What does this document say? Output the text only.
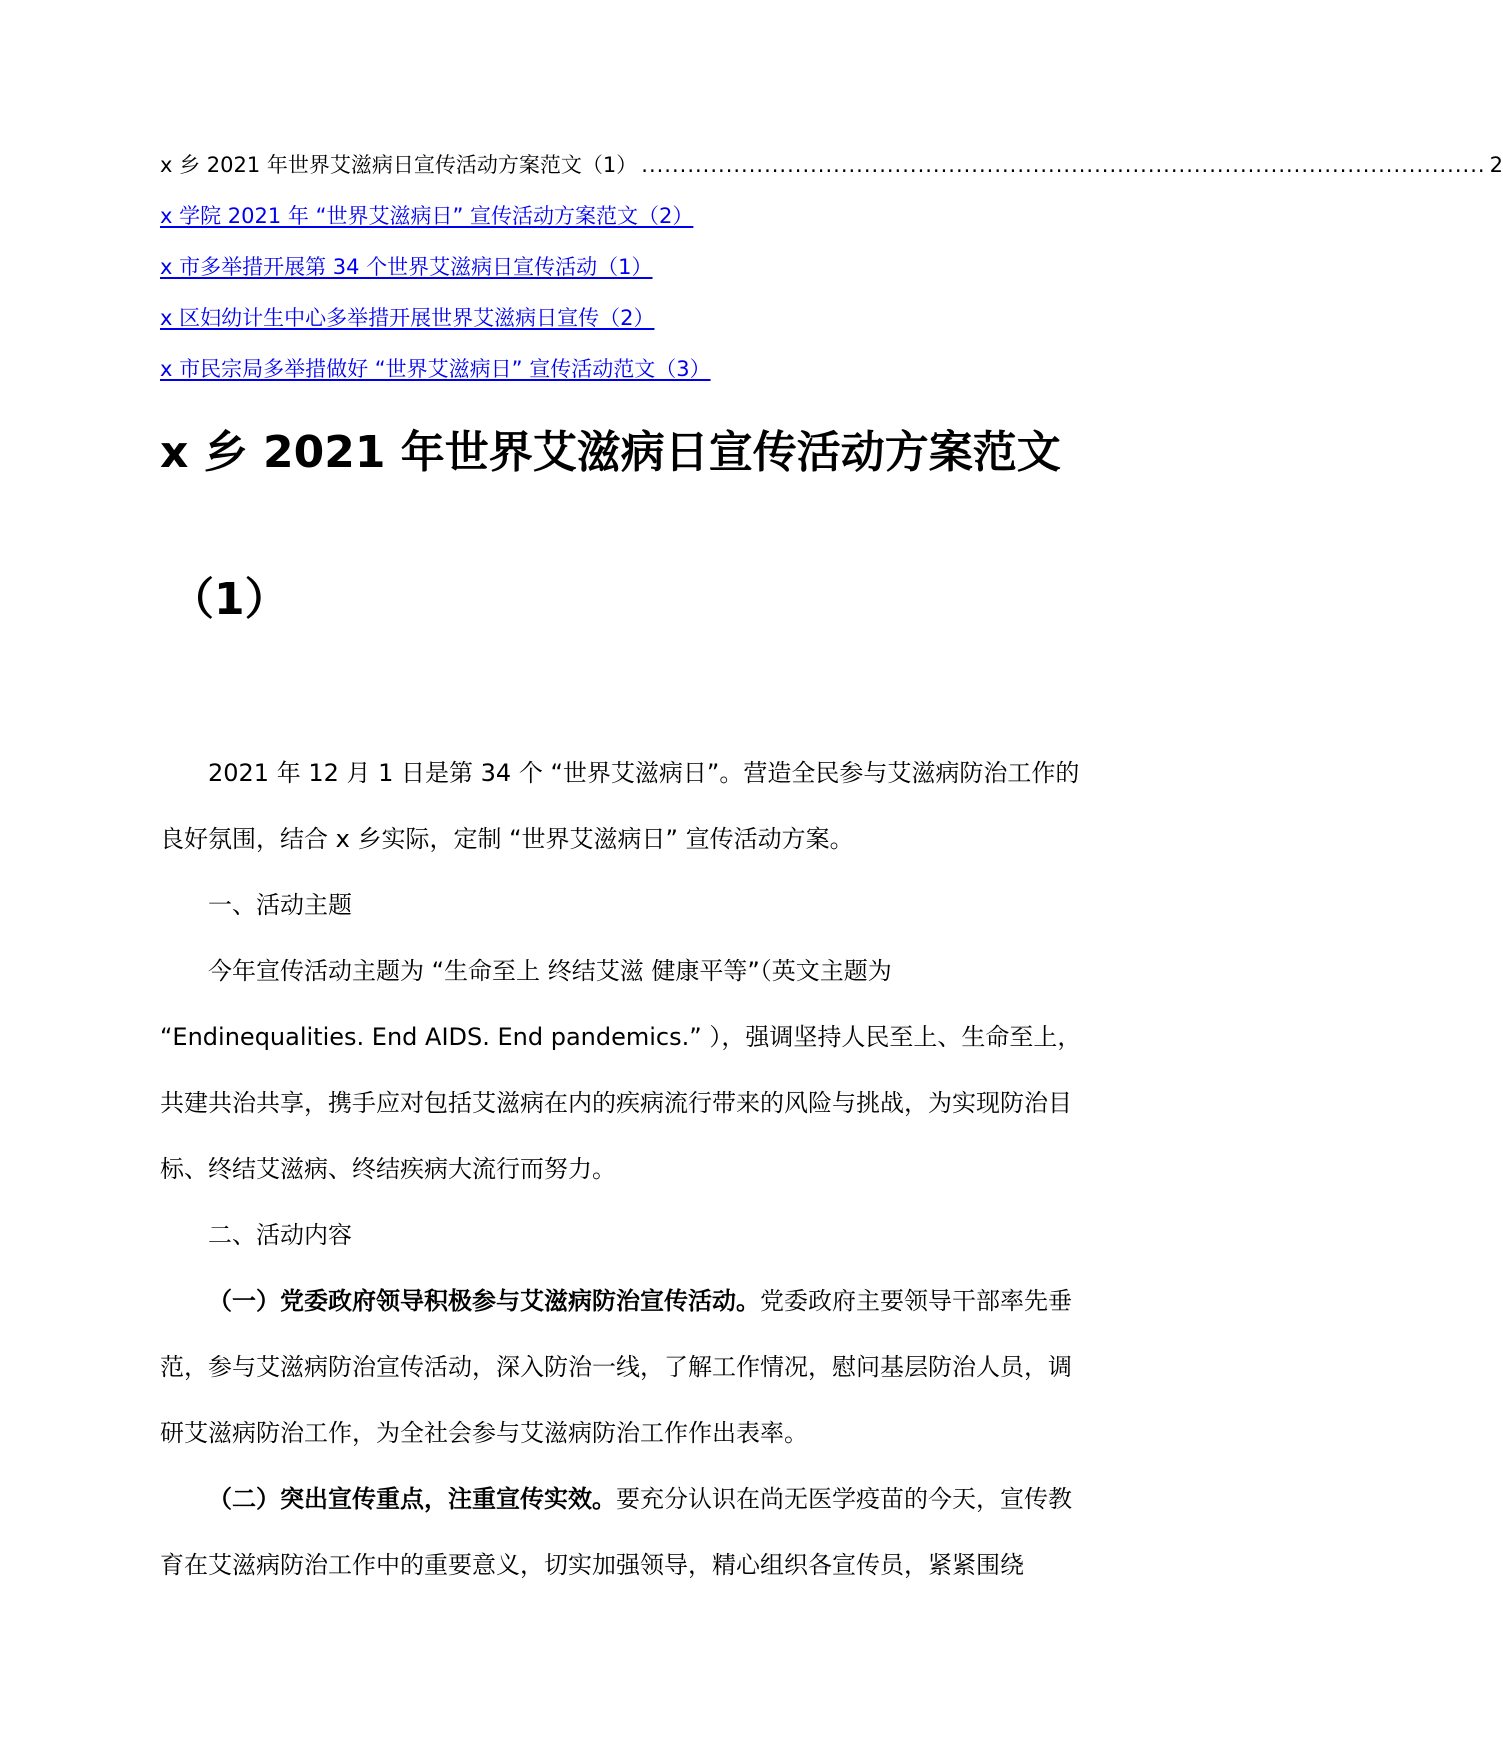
x 乡 2021 年世界艾滋病日宣传活动方案范文（1） .............................................................................................................. 2
x 学院 2021 年 “世界艾滋病日” 宣传活动方案范文（2）
x 市多举措开展第 34 个世界艾滋病日宣传活动（1）
x 区妇幼计生中心多举措开展世界艾滋病日宣传（2）
x 市民宗局多举措做好 “世界艾滋病日” 宣传活动范文（3）
x 乡 2021 年世界艾滋病日宣传活动方案范文
（1）

2021 年 12 月 1 日是第 34 个 “世界艾滋病日”。营造全民参与艾滋病防治工作的良好氛围，结合 x 乡实际，定制 “世界艾滋病日” 宣传活动方案。

一、活动主题

今年宣传活动主题为 “生命至上 终结艾滋 健康平等”（英文主题为

“Endinequalities. End AIDS. End pandemics.” ），强调坚持人民至上、生命至上，共建共治共享，携手应对包括艾滋病在内的疾病流行带来的风险与挑战，为实现防治目标、终结艾滋病、终结疾病大流行而努力。

二、活动内容

（一）党委政府领导积极参与艾滋病防治宣传活动。党委政府主要领导干部率先垂范，参与艾滋病防治宣传活动，深入防治一线，了解工作情况，慰问基层防治人员，调研艾滋病防治工作，为全社会参与艾滋病防治工作作出表率。

（二）突出宣传重点，注重宣传实效。要充分认识在尚无医学疫苗的今天，宣传教育在艾滋病防治工作中的重要意义，切实加强领导，精心组织各宣传员，紧紧围绕
